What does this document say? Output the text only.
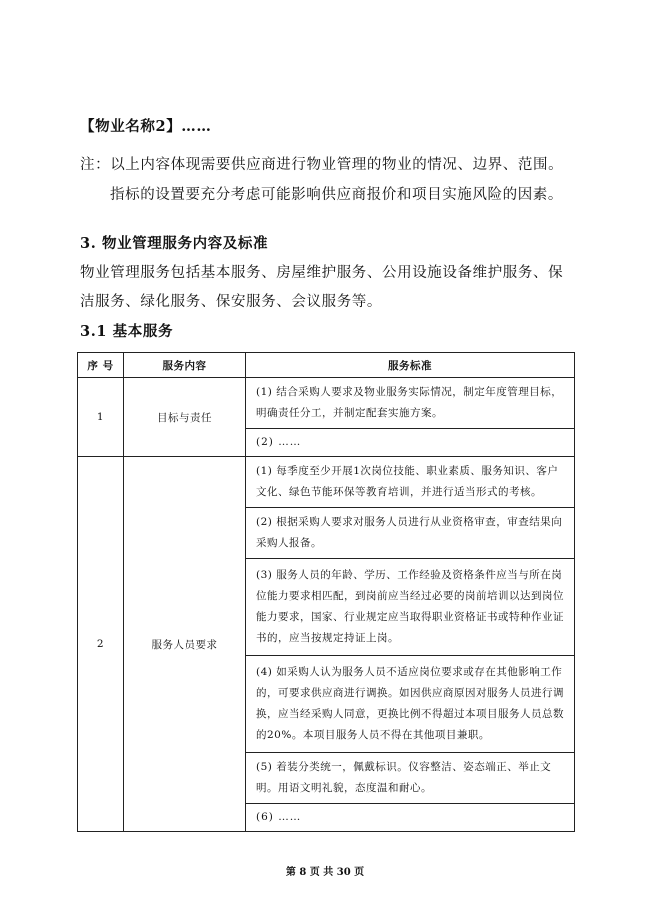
【物业名称2】……
注：以上内容体现需要供应商进行物业管理的物业的情况、边界、范围。
指标的设置要充分考虑可能影响供应商报价和项目实施风险的因素。
3. 物业管理服务内容及标准
物业管理服务包括基本服务、房屋维护服务、公用设施设备维护服务、保
洁服务、绿化服务、保安服务、会议服务等。
3.1 基本服务
序 号	服务内容	服务标准
1	目标与责任	(1) 结合采购人要求及物业服务实际情况，制定年度管理目标，明确责任分工，并制定配套实施方案。
		(2) ……
2	服务人员要求	(1) 每季度至少开展1次岗位技能、职业素质、服务知识、客户文化、绿色节能环保等教育培训，并进行适当形式的考核。
		(2) 根据采购人要求对服务人员进行从业资格审查，审查结果向采购人报备。
		(3) 服务人员的年龄、学历、工作经验及资格条件应当与所在岗位能力要求相匹配，到岗前应当经过必要的岗前培训以达到岗位能力要求，国家、行业规定应当取得职业资格证书或特种作业证书的，应当按规定持证上岗。
		(4) 如采购人认为服务人员不适应岗位要求或存在其他影响工作的，可要求供应商进行调换。如因供应商原因对服务人员进行调换，应当经采购人同意，更换比例不得超过本项目服务人员总数的20%。本项目服务人员不得在其他项目兼职。
		(5) 着装分类统一，佩戴标识。仪容整洁、姿态端正、举止文明。用语文明礼貌，态度温和耐心。
		(6) ……
第 8 页 共 30 页
